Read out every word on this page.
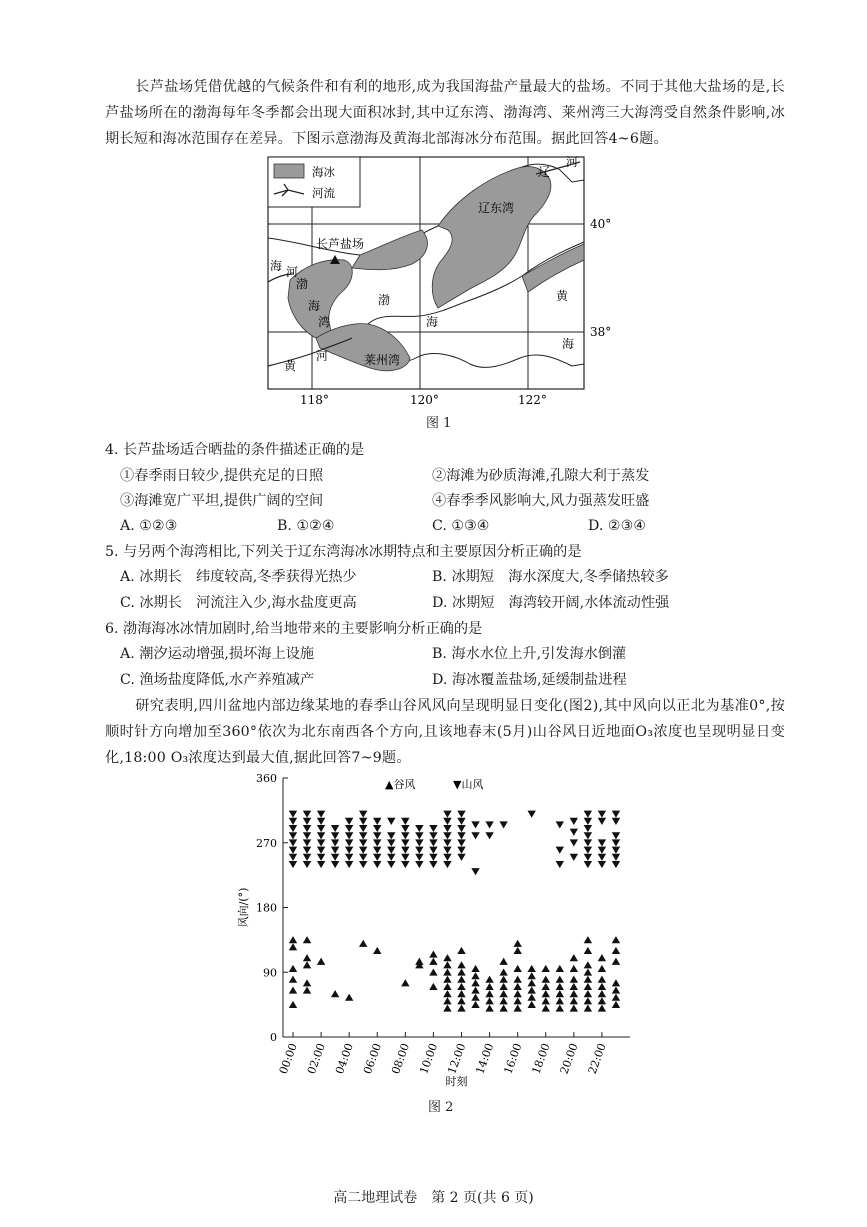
长芦盐场凭借优越的气候条件和有利的地形,成为我国海盐产量最大的盐场。不同于其他大盐场的是,长芦盐场所在的渤海每年冬季都会出现大面积冰封,其中辽东湾、渤海湾、莱州湾三大海湾受自然条件影响,冰期长短和海冰范围存在差异。下图示意渤海及黄海北部海冰分布范围。据此回答4~6题。
海冰
河流
辽
河
辽东湾
40°
38°
长芦盐场
海 河
渤
海
湾
渤
海
黄
海
黄
河	莱州湾
118°	120°	122°
图 1
4. 长芦盐场适合晒盐的条件描述正确的是
①春季雨日较少,提供充足的日照	②海滩为砂质海滩,孔隙大利于蒸发
③海滩宽广平坦,提供广阔的空间	④春季季风影响大,风力强蒸发旺盛
A. ①②③	B. ①②④	C. ①③④	D. ②③④
5. 与另两个海湾相比,下列关于辽东湾海冰冰期特点和主要原因分析正确的是
A. 冰期长　纬度较高,冬季获得光热少	B. 冰期短　海水深度大,冬季储热较多
C. 冰期长　河流注入少,海水盐度更高	D. 冰期短　海湾较开阔,水体流动性强
6. 渤海海冰冰情加剧时,给当地带来的主要影响分析正确的是
A. 潮汐运动增强,损坏海上设施	B. 海水水位上升,引发海水倒灌
C. 渔场盐度降低,水产养殖减产	D. 海冰覆盖盐场,延缓制盐进程
研究表明,四川盆地内部边缘某地的春季山谷风风向呈现明显日变化(图2),其中风向以正北为基准0°,按顺时针方向增加至360°依次为北东南西各个方向,且该地春末(5月)山谷风日近地面O₃浓度也呈现明显日变化,18:00 O₃浓度达到最大值,据此回答7~9题。
0
90
180
270
360
00:00 02:00 04:00 06:00 08:00 10:00 12:00 14:00 16:00 18:00 20:00 22:00
风向/(°)
时刻
▲谷风	▼山风
图 2
高二地理试卷　第 2 页(共 6 页)
